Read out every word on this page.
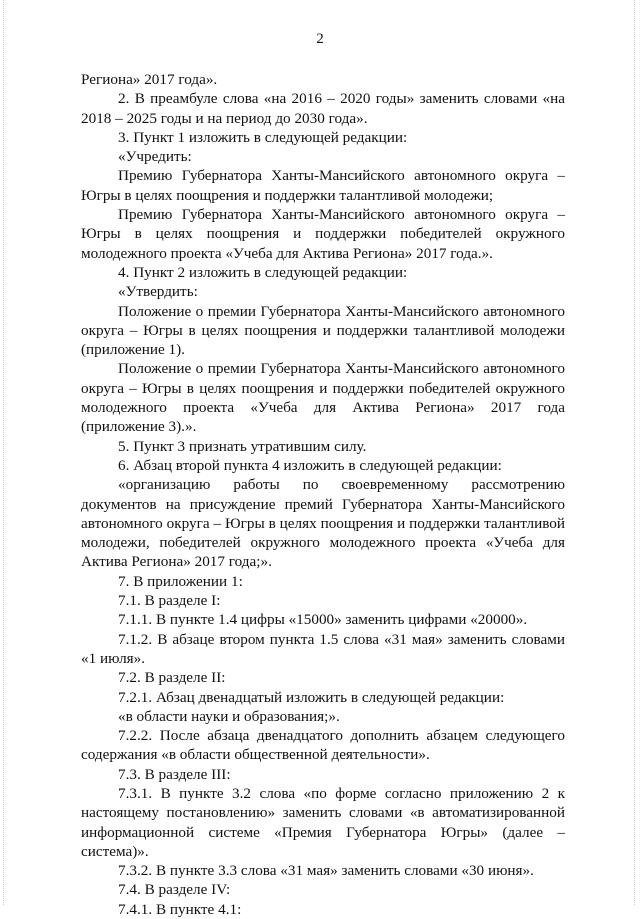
2

Региона» 2017 года».

2. В преамбуле слова «на 2016 – 2020 годы» заменить словами «на 2018 – 2025 годы и на период до 2030 года».

3. Пункт 1 изложить в следующей редакции:

«Учредить:

Премию Губернатора Ханты-Мансийского автономного округа – Югры в целях поощрения и поддержки талантливой молодежи;

Премию Губернатора Ханты-Мансийского автономного округа – Югры в целях поощрения и поддержки победителей окружного молодежного проекта «Учеба для Актива Региона» 2017 года.».

4. Пункт 2 изложить в следующей редакции:

«Утвердить:

Положение о премии Губернатора Ханты-Мансийского автономного округа – Югры в целях поощрения и поддержки талантливой молодежи (приложение 1).

Положение о премии Губернатора Ханты-Мансийского автономного округа – Югры в целях поощрения и поддержки победителей окружного молодежного проекта «Учеба для Актива Региона» 2017 года (приложение 3).».

5. Пункт 3 признать утратившим силу.

6. Абзац второй пункта 4 изложить в следующей редакции:

«организацию работы по своевременному рассмотрению документов на присуждение премий Губернатора Ханты-Мансийского автономного округа – Югры в целях поощрения и поддержки талантливой молодежи, победителей окружного молодежного проекта «Учеба для Актива Региона» 2017 года;».

7. В приложении 1:

7.1. В разделе I:

7.1.1. В пункте 1.4 цифры «15000» заменить цифрами «20000».

7.1.2. В абзаце втором пункта 1.5 слова «31 мая» заменить словами «1 июля».

7.2. В разделе II:

7.2.1. Абзац двенадцатый изложить в следующей редакции:

«в области науки и образования;».

7.2.2. После абзаца двенадцатого дополнить абзацем следующего содержания «в области общественной деятельности».

7.3. В разделе III:

7.3.1. В пункте 3.2 слова «по форме согласно приложению 2 к настоящему постановлению» заменить словами «в автоматизированной информационной системе «Премия Губернатора Югры» (далее – система)».

7.3.2. В пункте 3.3 слова «31 мая» заменить словами «30 июня».

7.4. В разделе IV:

7.4.1. В пункте 4.1:
